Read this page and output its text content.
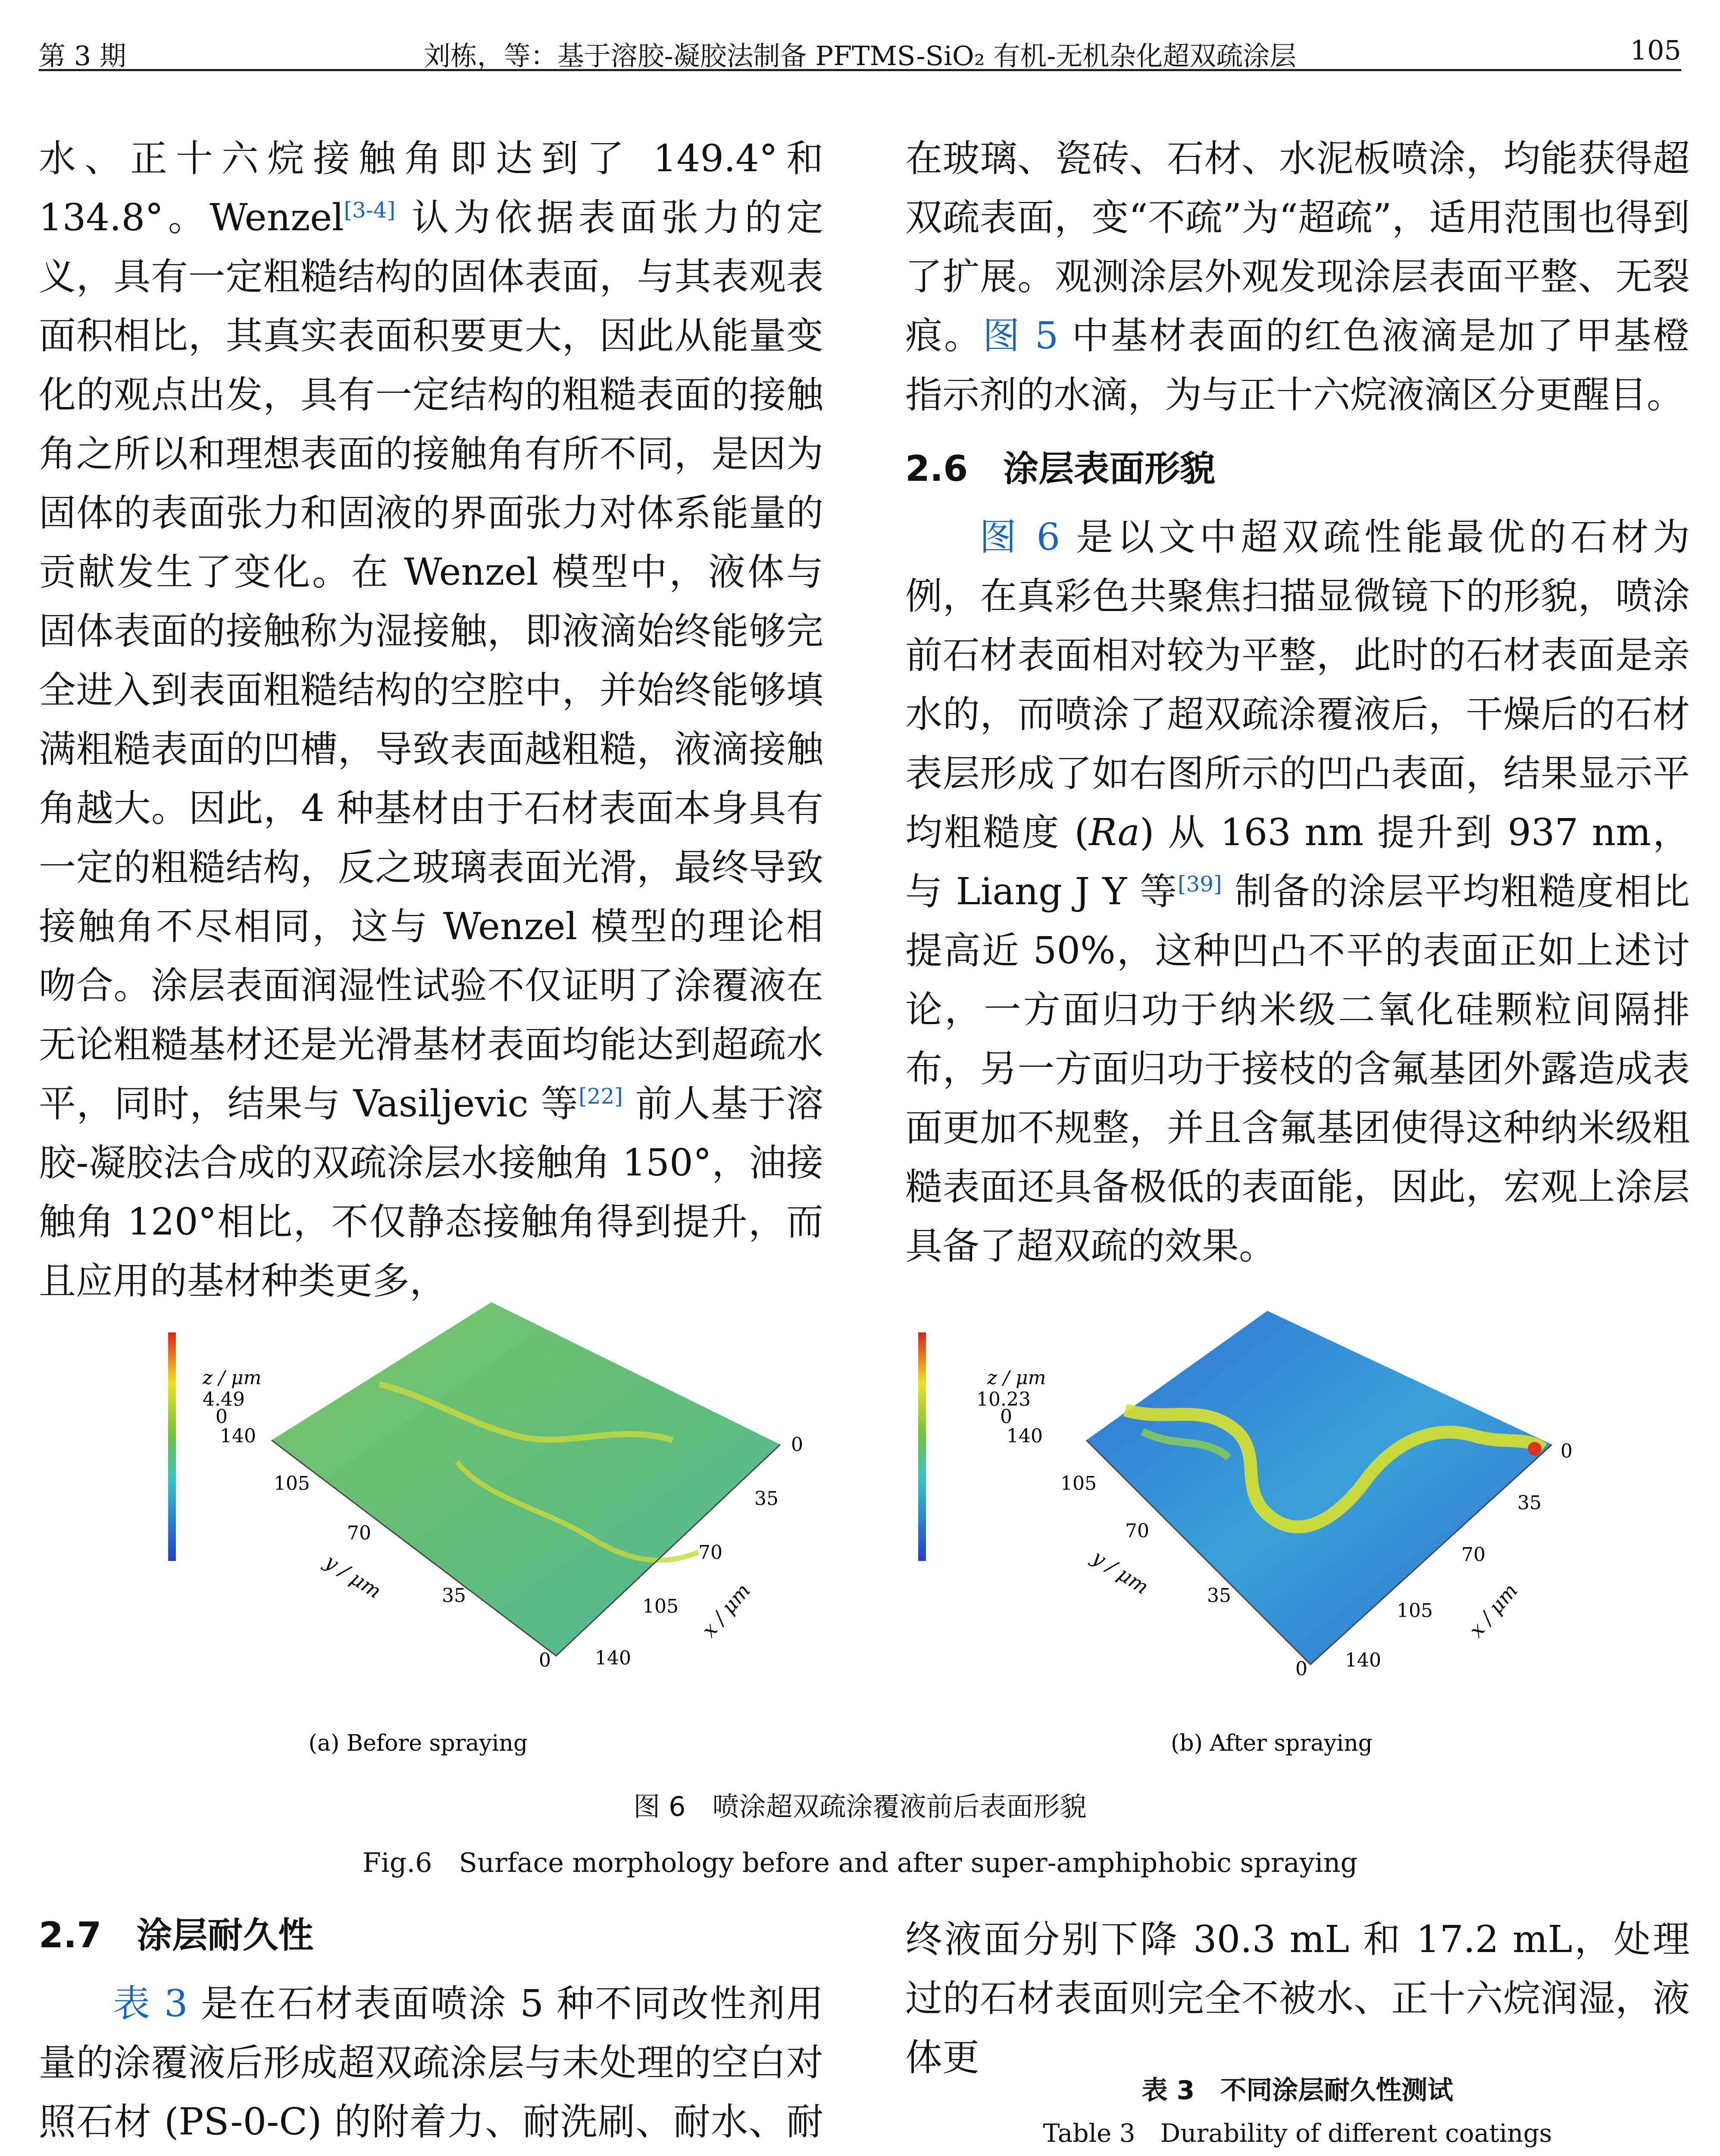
第 3 期	刘栋，等：基于溶胶-凝胶法制备 PFTMS-SiO₂ 有机-无机杂化超双疏涂层	105

水、正十六烷接触角即达到了 149.4°和 134.8°。Wenzel[3-4] 认为依据表面张力的定义，具有一定粗糙结构的固体表面，与其表观表面积相比，其真实表面积要更大，因此从能量变化的观点出发，具有一定结构的粗糙表面的接触角之所以和理想表面的接触角有所不同，是因为固体的表面张力和固液的界面张力对体系能量的贡献发生了变化。在 Wenzel 模型中，液体与固体表面的接触称为湿接触，即液滴始终能够完全进入到表面粗糙结构的空腔中，并始终能够填满粗糙表面的凹槽，导致表面越粗糙，液滴接触角越大。因此，4 种基材由于石材表面本身具有一定的粗糙结构，反之玻璃表面光滑，最终导致接触角不尽相同，这与 Wenzel 模型的理论相吻合。涂层表面润湿性试验不仅证明了涂覆液在无论粗糙基材还是光滑基材表面均能达到超疏水平，同时，结果与 Vasiljevic 等[22] 前人基于溶胶-凝胶法合成的双疏涂层水接触角 150°，油接触角 120°相比，不仅静态接触角得到提升，而且应用的基材种类更多，

在玻璃、瓷砖、石材、水泥板喷涂，均能获得超双疏表面，变“不疏”为“超疏”，适用范围也得到了扩展。观测涂层外观发现涂层表面平整、无裂痕。图 5 中基材表面的红色液滴是加了甲基橙指示剂的水滴，为与正十六烷液滴区分更醒目。

2.6　涂层表面形貌

图 6 是以文中超双疏性能最优的石材为例，在真彩色共聚焦扫描显微镜下的形貌，喷涂前石材表面相对较为平整，此时的石材表面是亲水的，而喷涂了超双疏涂覆液后，干燥后的石材表层形成了如右图所示的凹凸表面，结果显示平均粗糙度 (Ra) 从 163 nm 提升到 937 nm，与 Liang J Y 等[39] 制备的涂层平均粗糙度相比提高近 50%，这种凹凸不平的表面正如上述讨论，一方面归功于纳米级二氧化硅颗粒间隔排布，另一方面归功于接枝的含氟基团外露造成表面更加不规整，并且含氟基团使得这种纳米级粗糙表面还具备极低的表面能，因此，宏观上涂层具备了超双疏的效果。

z / μm
4.49
0
140
105
70
35
0
y / μm
0
35
70
105
140
x / μm
(a) Before spraying
z / μm
10.23
0
140
105
70
35
0
y / μm
0
35
70
105
140
x / μm
(b) After spraying
图 6　喷涂超双疏涂覆液前后表面形貌
Fig.6　Surface morphology before and after super-amphiphobic spraying
2.7　涂层耐久性

表 3 是在石材表面喷涂 5 种不同改性剂用量的涂覆液后形成超双疏涂层与未处理的空白对照石材 (PS-0-C) 的附着力、耐洗刷、耐水、耐

终液面分别下降 30.3 mL 和 17.2 mL，处理过的石材表面则完全不被水、正十六烷润湿，液体更

表 3　不同涂层耐久性测试
Table 3　Durability of different coatings
